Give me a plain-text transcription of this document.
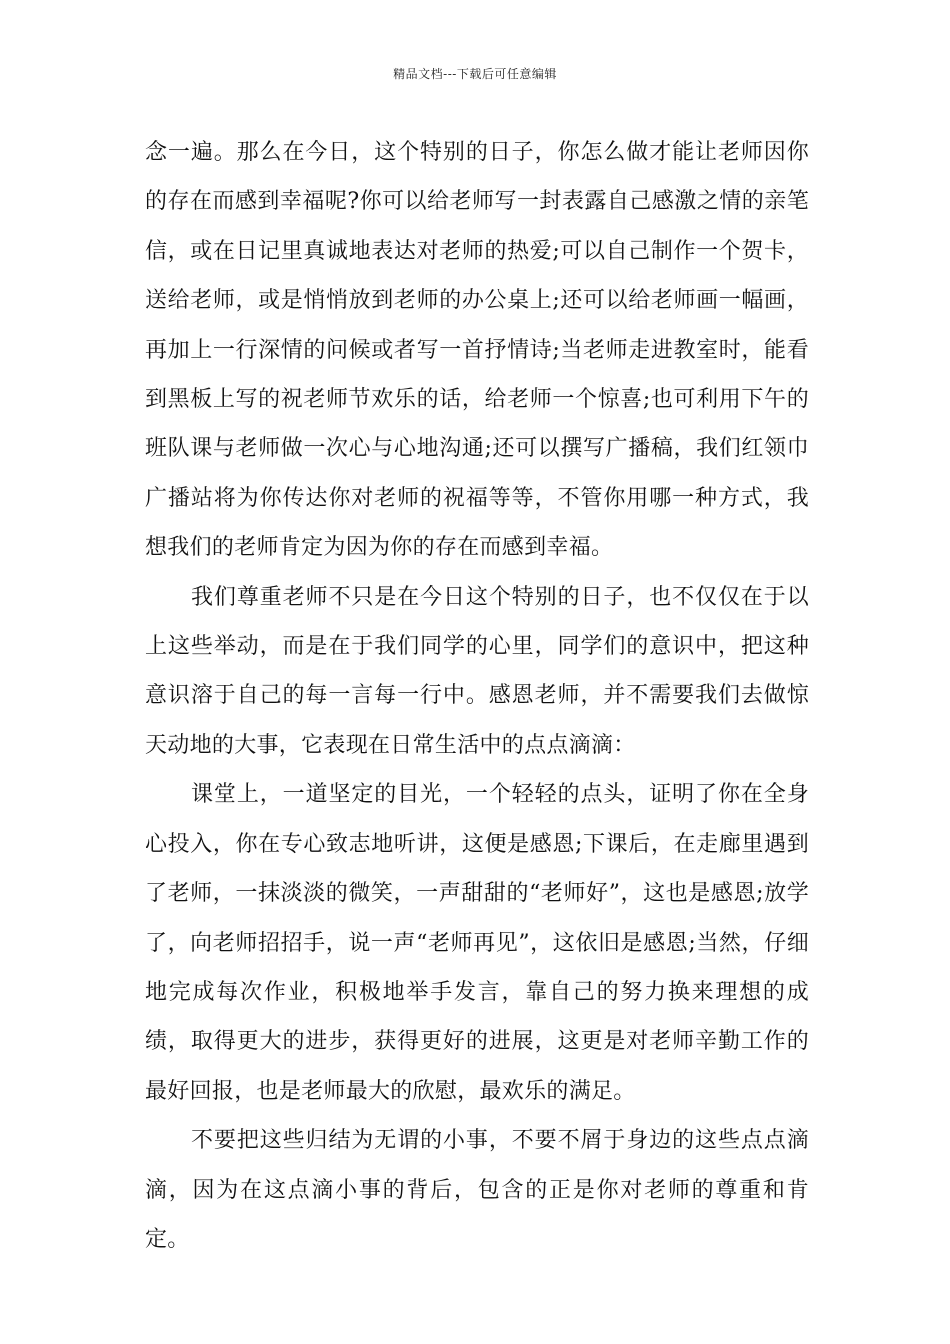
精品文档---下载后可任意编辑

念一遍。那么在今日，这个特别的日子，你怎么做才能让老师因你的存在而感到幸福呢?你可以给老师写一封表露自己感激之情的亲笔信，或在日记里真诚地表达对老师的热爱;可以自己制作一个贺卡，送给老师，或是悄悄放到老师的办公桌上;还可以给老师画一幅画，再加上一行深情的问候或者写一首抒情诗;当老师走进教室时，能看到黑板上写的祝老师节欢乐的话，给老师一个惊喜;也可利用下午的班队课与老师做一次心与心地沟通;还可以撰写广播稿，我们红领巾广播站将为你传达你对老师的祝福等等，不管你用哪一种方式，我想我们的老师肯定为因为你的存在而感到幸福。

我们尊重老师不只是在今日这个特别的日子，也不仅仅在于以上这些举动，而是在于我们同学的心里，同学们的意识中，把这种意识溶于自己的每一言每一行中。感恩老师，并不需要我们去做惊天动地的大事，它表现在日常生活中的点点滴滴：

课堂上，一道坚定的目光，一个轻轻的点头，证明了你在全身心投入，你在专心致志地听讲，这便是感恩;下课后，在走廊里遇到了老师，一抹淡淡的微笑，一声甜甜的“老师好”，这也是感恩;放学了，向老师招招手，说一声“老师再见”，这依旧是感恩;当然，仔细地完成每次作业，积极地举手发言，靠自己的努力换来理想的成绩，取得更大的进步，获得更好的进展，这更是对老师辛勤工作的最好回报，也是老师最大的欣慰，最欢乐的满足。

不要把这些归结为无谓的小事，不要不屑于身边的这些点点滴滴，因为在这点滴小事的背后，包含的正是你对老师的尊重和肯定。
